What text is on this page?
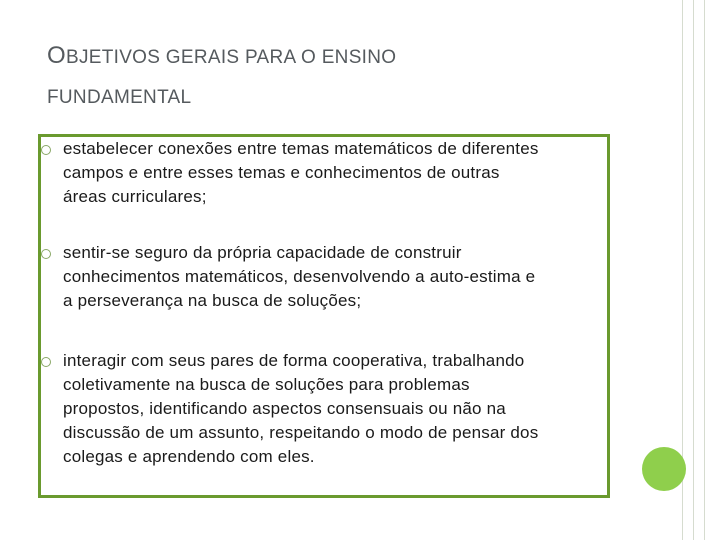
OBJETIVOS GERAIS PARA O ENSINO
FUNDAMENTAL
estabelecer conexões entre temas matemáticos de diferentes
campos e entre esses temas e conhecimentos de outras
áreas curriculares;
sentir-se seguro da própria capacidade de construir
conhecimentos matemáticos, desenvolvendo a auto-estima e
a perseverança na busca de soluções;
interagir com seus pares de forma cooperativa, trabalhando
coletivamente na busca de soluções para problemas
propostos, identificando aspectos consensuais ou não na
discussão de um assunto, respeitando o modo de pensar dos
colegas e aprendendo com eles.
